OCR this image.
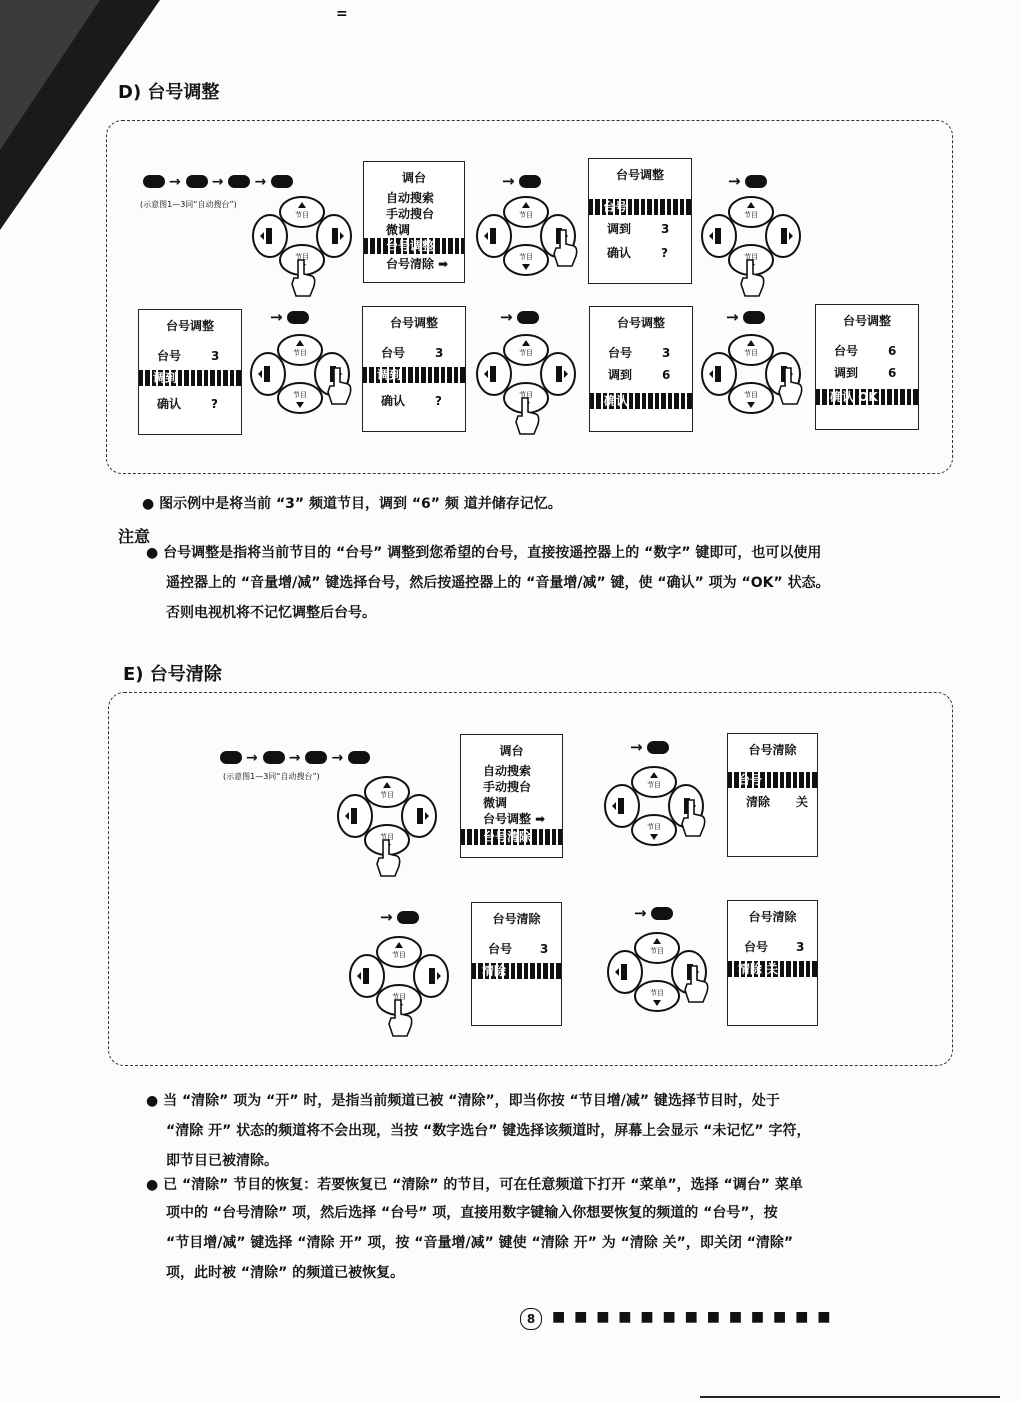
=
D) 台号调整
→ → →
(示意图1—3同“自动搜台”)
调台
自动搜索
手动搜台
微调
台号调整
台号清除 ➡
→	台号调整
台号
调到	3
确认	?
→
台号调整
台号	3
调到
确认	?
→	台号调整
台号	3
调到
确认	?
→	台号调整
台号	3
调到	6
确认
→	台号调整
台号	6
调到	6
确认 OK
● 图示例中是将当前 “3” 频道节目，调到 “6” 频 道并储存记忆。
注意
● 台号调整是指将当前节目的 “台号” 调整到您希望的台号，直接按遥控器上的 “数字” 键即可，也可以使用
遥控器上的 “音量增/减” 键选择台号，然后按遥控器上的 “音量增/减” 键，使 “确认” 项为 “OK” 状态。
否则电视机将不记忆调整后台号。
E) 台号清除
→ → →
(示意图1—3同“自动搜台”)
调台
自动搜索
手动搜台
微调
台号调整 ➡
台号清除
→	台号清除
台号
清除	关
→	台号清除
台号	3
清除
→	台号清除
台号	3
清除 关
● 当 “清除” 项为 “开” 时，是指当前频道已被 “清除”，即当你按 “节目增/减” 键选择节目时，处于
“清除 开” 状态的频道将不会出现，当按 “数字选台” 键选择该频道时，屏幕上会显示 “未记忆” 字符，
即节目已被清除。
● 已 “清除” 节目的恢复：若要恢复已 “清除” 的节目，可在任意频道下打开 “菜单”，选择 “调台” 菜单
项中的 “台号清除” 项，然后选择 “台号” 项，直接用数字键输入你想要恢复的频道的 “台号”，按
“节目增/减” 键选择 “清除 开” 项，按 “音量增/减” 键使 “清除 开” 为 “清除 关”，即关闭 “清除”
项，此时被 “清除” 的频道已被恢复。
8	■ ■ ■ ■ ■ ■ ■ ■ ■ ■ ■ ■ ■
